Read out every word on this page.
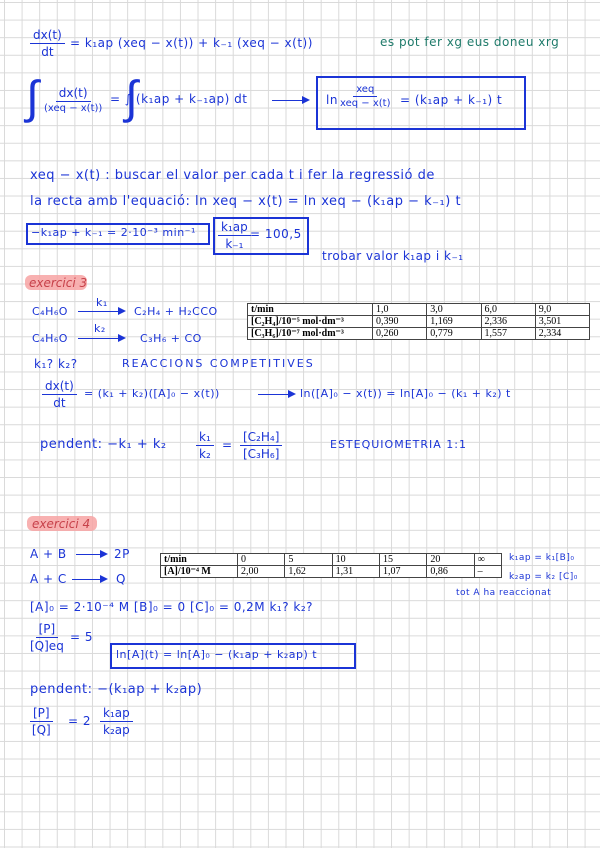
$\frac{dx(t)}{dt} = k_1ap$ (xeq − x(t)) + k₋₁ (xeq − x(t))	es pot fer xg eus doneu xrg
∫ dx(t)
(xeq − x(t)) ∫
= ∫ (k₁ap + k₋₁ap) dt	ln
xeq
xeq − x(t) = (k₁ap + k₋₁) t
xeq − x(t) : buscar el valor per cada t i fer la regressió de
la recta amb l'equació: ln xeq − x(t) = ln xeq − (k₁ap − k₋₁) t
−k₁ap + k₋₁ = 2·10⁻³ $\min^{-1} \frac{\text{k₁ap}}{\text{k₋₁}} = 100,5$
trobar valor k₁ap i k₋₁
exercici 3
C₄H₆O
k₁
C₂H₄ + H₂CCO
C₄H₆O
k₂
C₃H₆ + CO
t/min	1,0	3,0	6,0	9,0
[C₂H₄]/10⁻⁵ mol·dm⁻³	0,390	1,169	2,336	3,501
[C₃H₆]/10⁻⁷ mol·dm⁻³	0,260	0,779	1,557	2,334
k₁? k₂?	REACCIONS COMPETITIVES
$\frac{dx(t)}{dt} = (k_1 + k_2)([A]_0 - x(t))$	ln([A]₀ − x(t)) = ln[A]₀ − (k₁ + k₂) t
pendent: $-k_1 + k_2 \frac{\text{k₁}}{\text{k₂}} = \frac{\text{[C₂H₄]}}{\text{[C₃H₆]}}$	ESTEQUIOMETRIA 1:1
exercici 4
A + B	2P
A + C	Q
t/min	0	5	10	15	20	∞
[A]/10⁻⁴ M	2,00	1,62	1,31	1,07	0,86	–
k₁ap = k₁[B]₀
k₂ap = k₂ [C]₀
tot A ha reaccionat
[A]₀ = 2·10⁻⁴ M [B]₀ = 0 [C]₀ = 0,2M k₁? k₂?
$\frac{[P]}{[Q]eq} = 5$
ln[A](t) = ln[A]₀ − (k₁ap + k₂ap) t
pendent: −(k₁ap + k₂ap)
$\frac{[P]}{[Q]} = 2 \frac{\text{k₁ap}}{\text{k₂ap}}$
